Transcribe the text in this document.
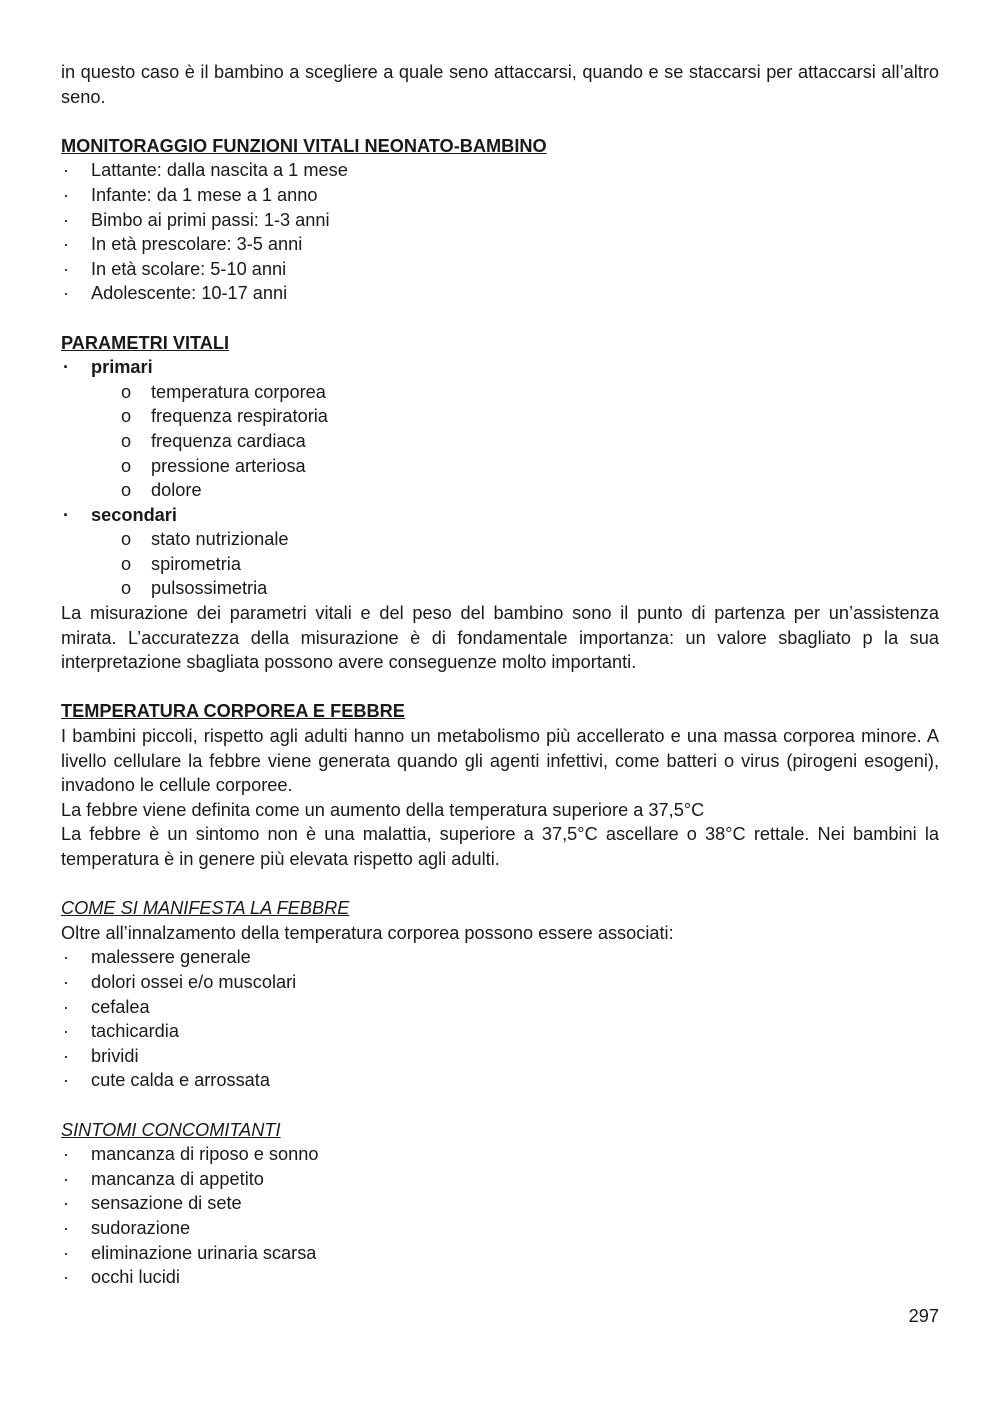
in questo caso è il bambino a scegliere a quale seno attaccarsi, quando e se staccarsi per attaccarsi all’altro seno.

MONITORAGGIO FUNZIONI VITALI NEONATO-BAMBINO
· Lattante: dalla nascita a 1 mese
· Infante: da 1 mese a 1 anno
· Bimbo ai primi passi: 1-3 anni
· In età prescolare: 3-5 anni
· In età scolare: 5-10 anni
· Adolescente: 10-17 anni
PARAMETRI VITALI
· primari
o temperatura corporea
o frequenza respiratoria
o frequenza cardiaca
o pressione arteriosa
o dolore
· secondari
o stato nutrizionale
o spirometria
o pulsossimetria

La misurazione dei parametri vitali e del peso del bambino sono il punto di partenza per un’assistenza mirata. L’accuratezza della misurazione è di fondamentale importanza: un valore sbagliato p la sua interpretazione sbagliata possono avere conseguenze molto importanti.

TEMPERATURA CORPOREA E FEBBRE

I bambini piccoli, rispetto agli adulti hanno un metabolismo più accellerato e una massa corporea minore. A livello cellulare la febbre viene generata quando gli agenti infettivi, come batteri o virus (pirogeni esogeni), invadono le cellule corporee.

La febbre viene definita come un aumento della temperatura superiore a 37,5°C

La febbre è un sintomo non è una malattia, superiore a 37,5°C ascellare o 38°C rettale. Nei bambini la temperatura è in genere più elevata rispetto agli adulti.

COME SI MANIFESTA LA FEBBRE

Oltre all’innalzamento della temperatura corporea possono essere associati:

· malessere generale
· dolori ossei e/o muscolari
· cefalea
· tachicardia
· brividi
· cute calda e arrossata
SINTOMI CONCOMITANTI
· mancanza di riposo e sonno
· mancanza di appetito
· sensazione di sete
· sudorazione
· eliminazione urinaria scarsa
· occhi lucidi
297
